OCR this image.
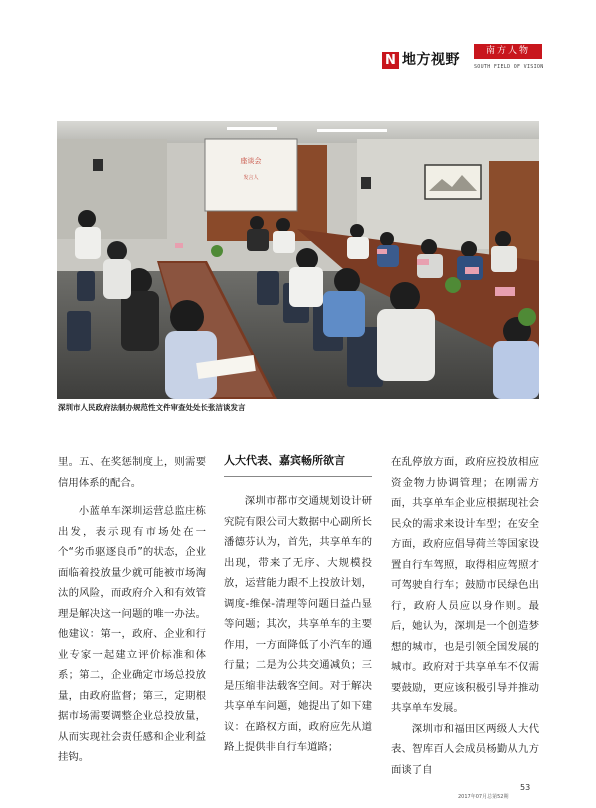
N 地方视野
南方人物
SOUTH FIELD OF VISION
座谈会
发言人
深圳市人民政府法制办规范性文件审查处处长张洁谈发言

里。五、在奖惩制度上，则需要信用体系的配合。

小蓝单车深圳运营总监庄栋出发，表示现有市场处在一个“劣币驱逐良币”的状态，企业面临着投放量少就可能被市场淘汰的风险，而政府介入和有效管理是解决这一问题的唯一办法。他建议：第一，政府、企业和行业专家一起建立评价标准和体系；第二，企业确定市场总投放量，由政府监督；第三，定期根据市场需要调整企业总投放量，从而实现社会责任感和企业利益挂钩。

人大代表、嘉宾畅所欲言

深圳市都市交通规划设计研究院有限公司大数据中心副所长潘德芬认为，首先，共享单车的出现，带来了无序、大规模投放，运营能力跟不上投放计划，调度-维保-清理等问题日益凸显等问题；其次，共享单车的主要作用，一方面降低了小汽车的通行量；二是为公共交通减负；三是压缩非法载客空间。对于解决共享单车问题，她提出了如下建议：在路权方面，政府应先从道路上提供非自行车道路；

在乱停放方面，政府应投放相应资金物力协调管理；在刚需方面，共享单车企业应根据现社会民众的需求来设计车型；在安全方面，政府应倡导荷兰等国家设置自行车驾照，取得相应驾照才可驾驶自行车；鼓励市民绿色出行，政府人员应以身作则。最后，她认为，深圳是一个创造梦想的城市，也是引领全国发展的城市。政府对于共享单车不仅需要鼓励，更应该积极引导并推动共享单车发展。

深圳市和福田区两级人大代表、智库百人会成员杨勤从九方面谈了自

53
2017年07月总第52期
